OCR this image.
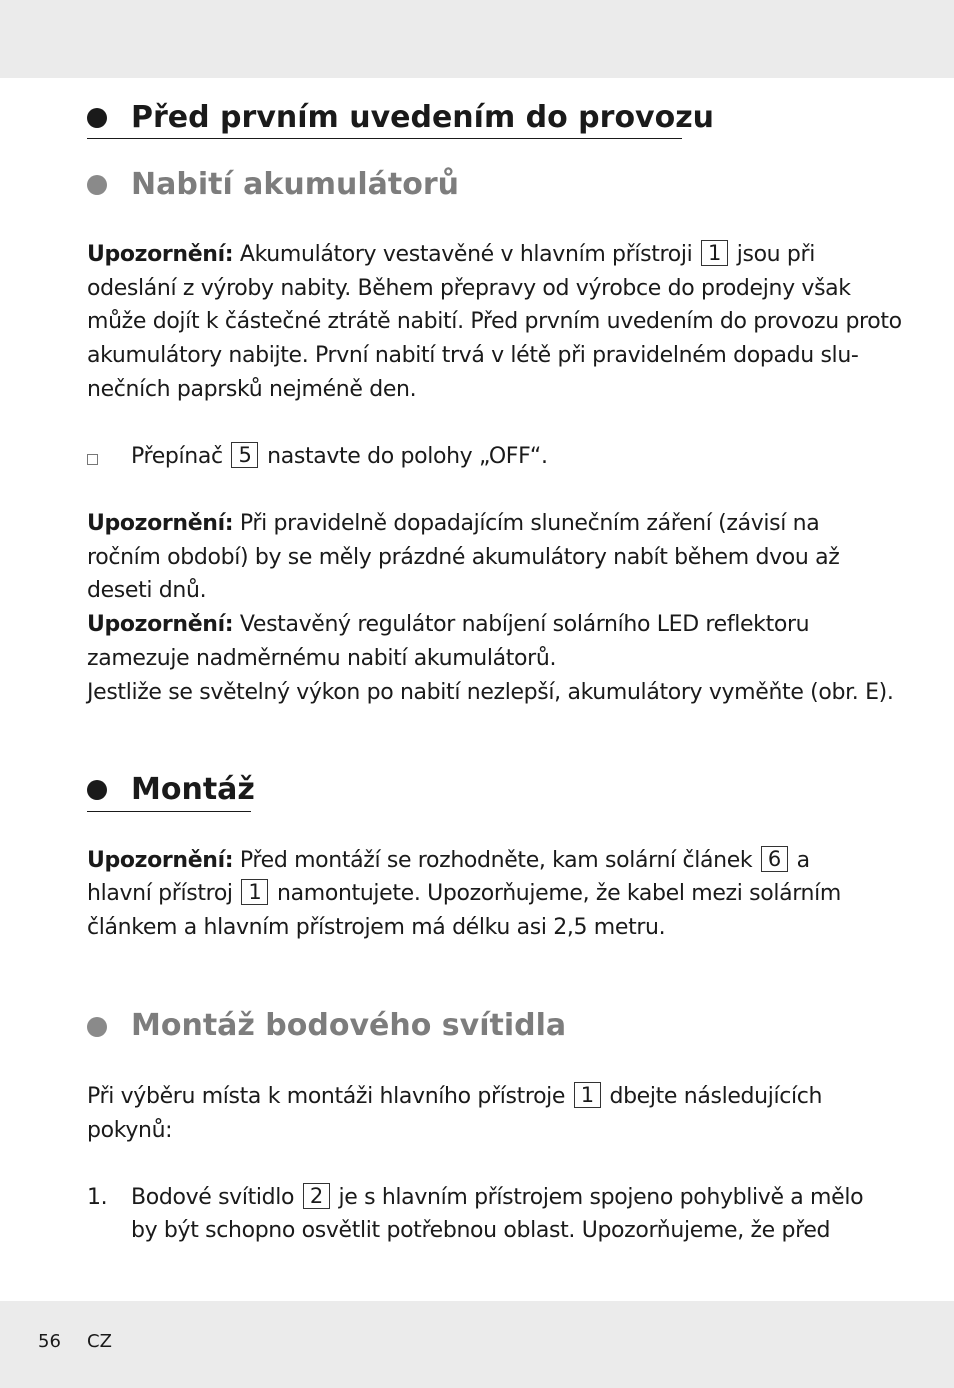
Před prvním uvedením do provozu
Nabití akumulátorů
Upozornění: Akumulátory vestavěné v hlavním přístroji 1 jsou při
odeslání z výroby nabity. Během přepravy od výrobce do prodejny však
může dojít k částečné ztrátě nabití. Před prvním uvedením do provozu proto
akumulátory nabijte. První nabití trvá v létě při pravidelném dopadu slu-
nečních paprsků nejméně den.
Přepínač 5 nastavte do polohy „OFF“.
Upozornění: Při pravidelně dopadajícím slunečním záření (závisí na
ročním období) by se měly prázdné akumulátory nabít během dvou až
deseti dnů.
Upozornění: Vestavěný regulátor nabíjení solárního LED reflektoru
zamezuje nadměrnému nabití akumulátorů.
Jestliže se světelný výkon po nabití nezlepší, akumulátory vyměňte (obr. E).
Montáž
Upozornění: Před montáží se rozhodněte, kam solární článek 6 a
hlavní přístroj 1 namontujete. Upozorňujeme, že kabel mezi solárním
článkem a hlavním přístrojem má délku asi 2,5 metru.
Montáž bodového svítidla
Při výběru místa k montáži hlavního přístroje 1 dbejte následujících
pokynů:
1. Bodové svítidlo 2 je s hlavním přístrojem spojeno pohyblivě a mělo
by být schopno osvětlit potřebnou oblast. Upozorňujeme, že před
56 CZ
